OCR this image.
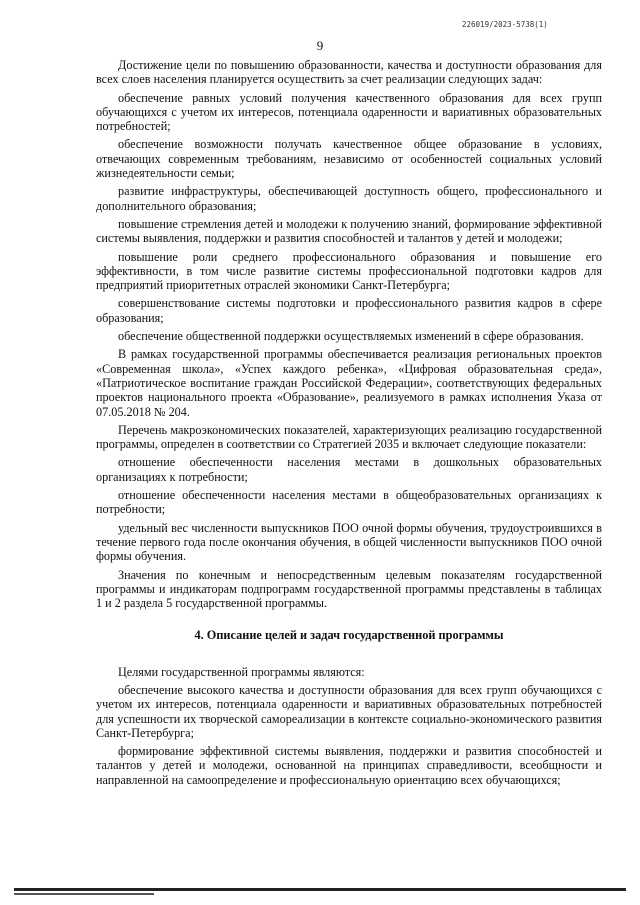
226019/2023-5738(1)
9

Достижение цели по повышению образованности, качества и доступности образования для всех слоев населения планируется осуществить за счет реализации следующих задач:

обеспечение равных условий получения качественного образования для всех групп обучающихся с учетом их интересов, потенциала одаренности и вариативных образовательных потребностей;

обеспечение возможности получать качественное общее образование в условиях, отвечающих современным требованиям, независимо от особенностей социальных условий жизнедеятельности семьи;

развитие инфраструктуры, обеспечивающей доступность общего, профессионального и дополнительного образования;

повышение стремления детей и молодежи к получению знаний, формирование эффективной системы выявления, поддержки и развития способностей и талантов у детей и молодежи;

повышение роли среднего профессионального образования и повышение его эффективности, в том числе развитие системы профессиональной подготовки кадров для предприятий приоритетных отраслей экономики Санкт-Петербурга;

совершенствование системы подготовки и профессионального развития кадров в сфере образования;

обеспечение общественной поддержки осуществляемых изменений в сфере образования.

В рамках государственной программы обеспечивается реализация региональных проектов «Современная школа», «Успех каждого ребенка», «Цифровая образовательная среда», «Патриотическое воспитание граждан Российской Федерации», соответствующих федеральных проектов национального проекта «Образование», реализуемого в рамках исполнения Указа от 07.05.2018 № 204.

Перечень макроэкономических показателей, характеризующих реализацию государственной программы, определен в соответствии со Стратегией 2035 и включает следующие показатели:

отношение обеспеченности населения местами в дошкольных образовательных организациях к потребности;

отношение обеспеченности населения местами в общеобразовательных организациях к потребности;

удельный вес численности выпускников ПОО очной формы обучения, трудоустроившихся в течение первого года после окончания обучения, в общей численности выпускников ПОО очной формы обучения.

Значения по конечным и непосредственным целевым показателям государственной программы и индикаторам подпрограмм государственной программы представлены в таблицах 1 и 2 раздела 5 государственной программы.

4. Описание целей и задач государственной программы

Целями государственной программы являются:

обеспечение высокого качества и доступности образования для всех групп обучающихся с учетом их интересов, потенциала одаренности и вариативных образовательных потребностей для успешности их творческой самореализации в контексте социально-экономического развития Санкт-Петербурга;

формирование эффективной системы выявления, поддержки и развития способностей и талантов у детей и молодежи, основанной на принципах справедливости, всеобщности и направленной на самоопределение и профессиональную ориентацию всех обучающихся;
